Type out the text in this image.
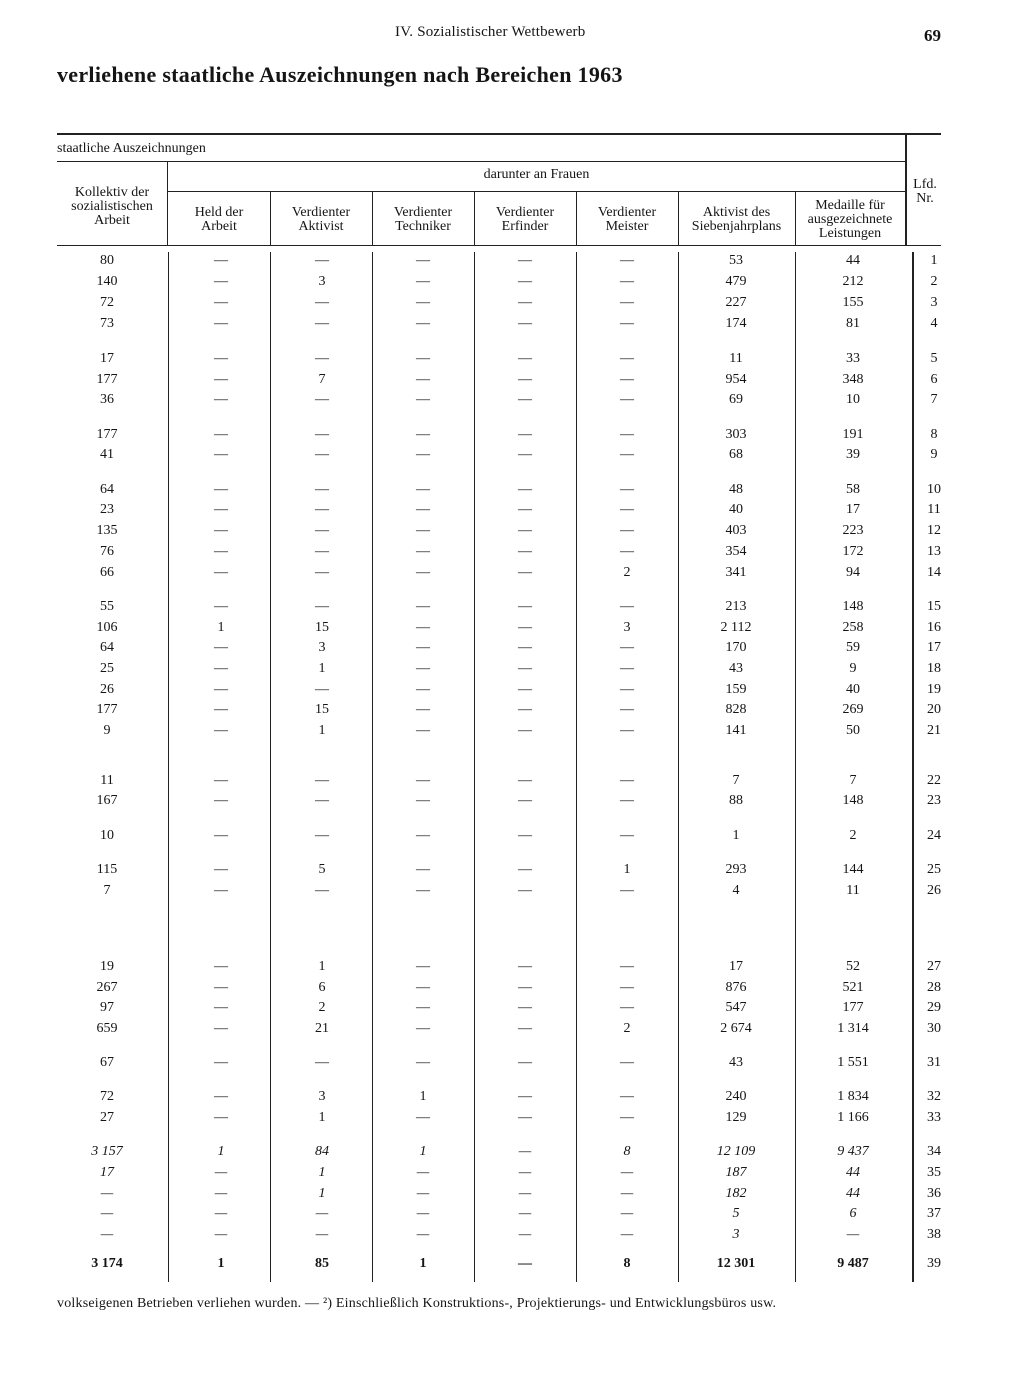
IV. Sozialistischer Wettbewerb	69
verliehene staatliche Auszeichnungen nach Bereichen 1963
staatliche Auszeichnungen
darunter an Frauen
Kollektiv der
sozialistischen
Arbeit
Held der
Arbeit
Verdienter
Aktivist
Verdienter
Techniker
Verdienter
Erfinder
Verdienter
Meister
Aktivist des
Siebenjahrplans
Medaille für
ausgezeichnete
Leistungen
Lfd.
Nr.
80	—	—	—	—	—	53	44	1
140	—	3	—	—	—	479	212	2
72	—	—	—	—	—	227	155	3
73	—	—	—	—	—	174	81	4
17	—	—	—	—	—	11	33	5
177	—	7	—	—	—	954	348	6
36	—	—	—	—	—	69	10	7
177	—	—	—	—	—	303	191	8
41	—	—	—	—	—	68	39	9
64	—	—	—	—	—	48	58	10
23	—	—	—	—	—	40	17	11
135	—	—	—	—	—	403	223	12
76	—	—	—	—	—	354	172	13
66	—	—	—	—	2	341	94	14
55	—	—	—	—	—	213	148	15
106	1	15	—	—	3	2 112	258	16
64	—	3	—	—	—	170	59	17
25	—	1	—	—	—	43	9	18
26	—	—	—	—	—	159	40	19
177	—	15	—	—	—	828	269	20
9	—	1	—	—	—	141	50	21
11	—	—	—	—	—	7	7	22
167	—	—	—	—	—	88	148	23
10	—	—	—	—	—	1	2	24
115	—	5	—	—	1	293	144	25
7	—	—	—	—	—	4	11	26
19	—	1	—	—	—	17	52	27
267	—	6	—	—	—	876	521	28
97	—	2	—	—	—	547	177	29
659	—	21	—	—	2	2 674	1 314	30
67	—	—	—	—	—	43	1 551	31
72	—	3	1	—	—	240	1 834	32
27	—	1	—	—	—	129	1 166	33
3 157	1	84	1	—	8	12 109	9 437	34
17	—	1	—	—	—	187	44	35
—	—	1	—	—	—	182	44	36
—	—	—	—	—	—	5	6	37
—	—	—	—	—	—	3	—	38
3 174	1	85	1	—	8	12 301	9 487	39
volkseigenen Betrieben verliehen wurden. — ²) Einschließlich Konstruktions-, Projektierungs- und Entwicklungsbüros usw.
